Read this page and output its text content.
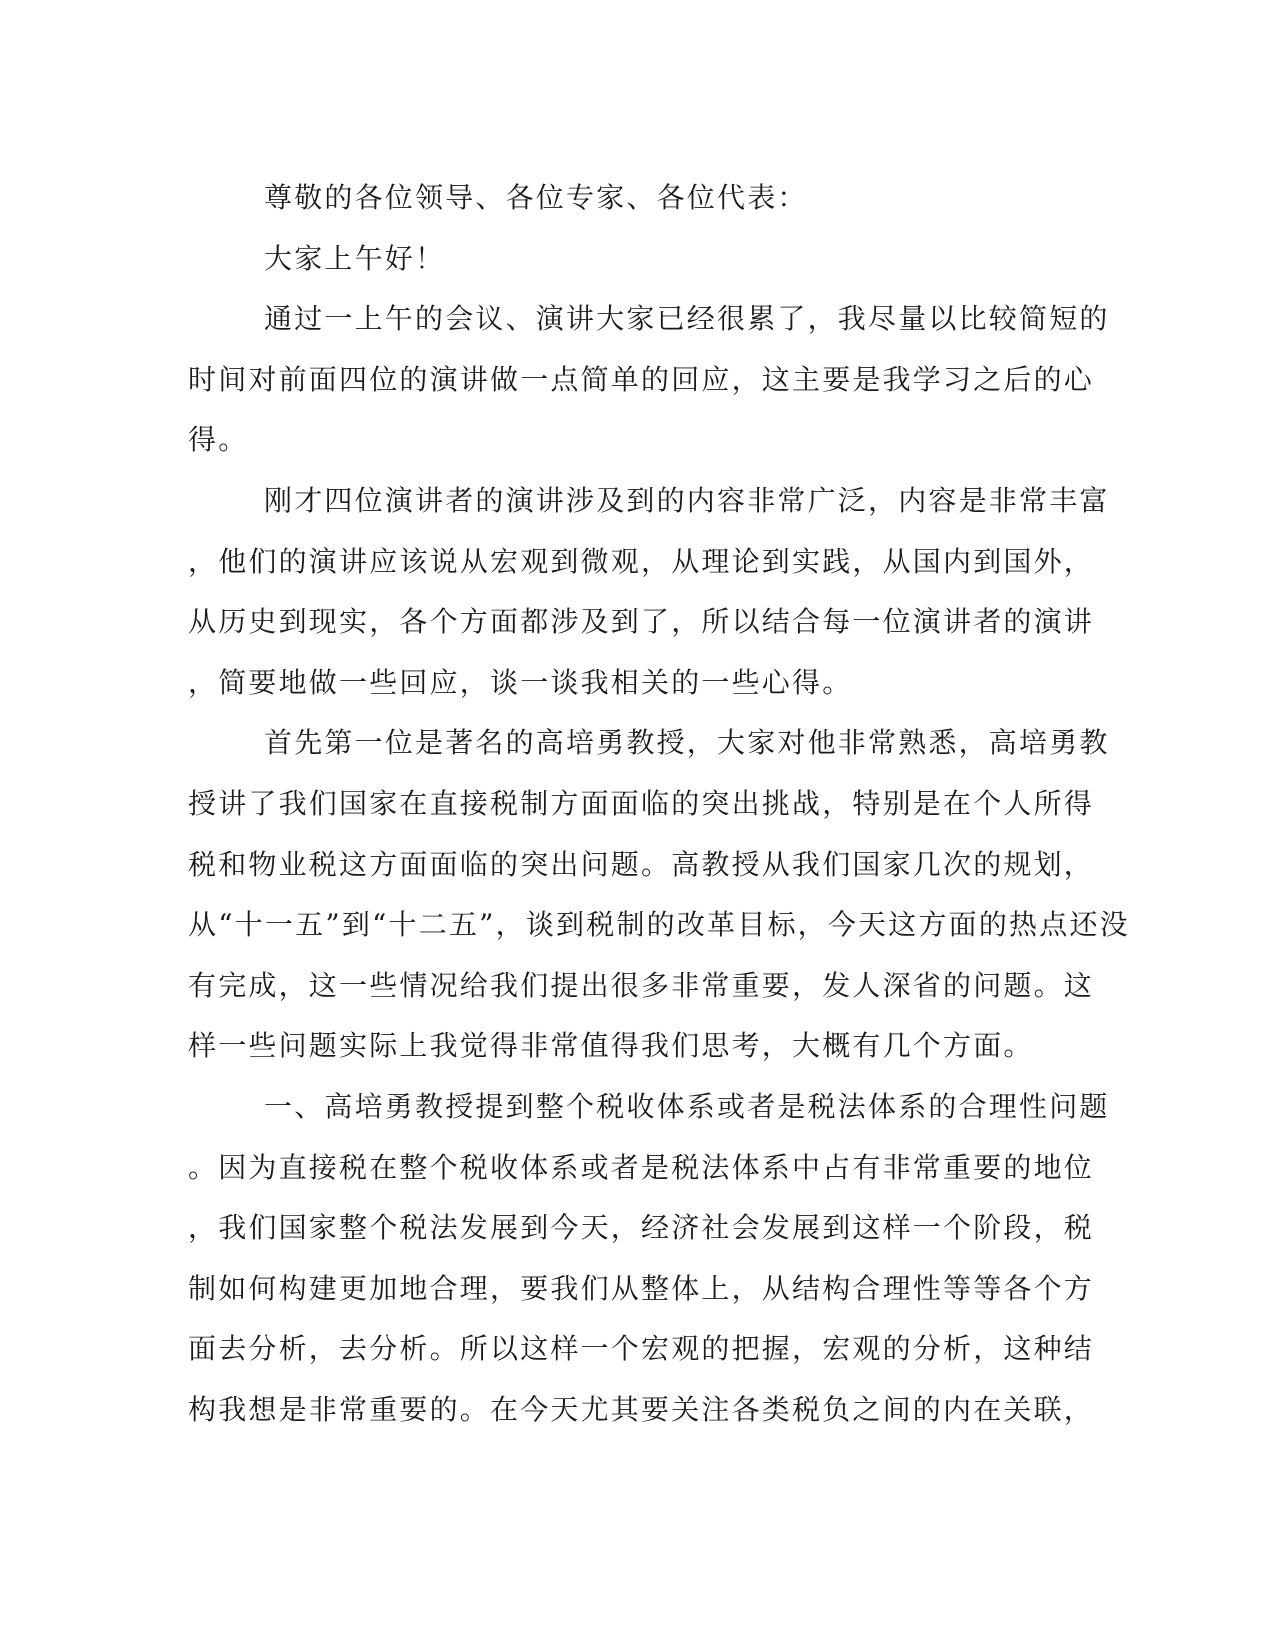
尊敬的各位领导、各位专家、各位代表：
大家上午好！
通过一上午的会议、演讲大家已经很累了，我尽量以比较简短的
时间对前面四位的演讲做一点简单的回应，这主要是我学习之后的心
得。
刚才四位演讲者的演讲涉及到的内容非常广泛，内容是非常丰富
，他们的演讲应该说从宏观到微观，从理论到实践，从国内到国外，
从历史到现实，各个方面都涉及到了，所以结合每一位演讲者的演讲
，简要地做一些回应，谈一谈我相关的一些心得。
首先第一位是著名的高培勇教授，大家对他非常熟悉，高培勇教
授讲了我们国家在直接税制方面面临的突出挑战，特别是在个人所得
税和物业税这方面面临的突出问题。高教授从我们国家几次的规划，
从“十一五”到“十二五”，谈到税制的改革目标，今天这方面的热点还没
有完成，这一些情况给我们提出很多非常重要，发人深省的问题。这
样一些问题实际上我觉得非常值得我们思考，大概有几个方面。
一、高培勇教授提到整个税收体系或者是税法体系的合理性问题
。因为直接税在整个税收体系或者是税法体系中占有非常重要的地位
，我们国家整个税法发展到今天，经济社会发展到这样一个阶段，税
制如何构建更加地合理，要我们从整体上，从结构合理性等等各个方
面去分析，去分析。所以这样一个宏观的把握，宏观的分析，这种结
构我想是非常重要的。在今天尤其要关注各类税负之间的内在关联，
